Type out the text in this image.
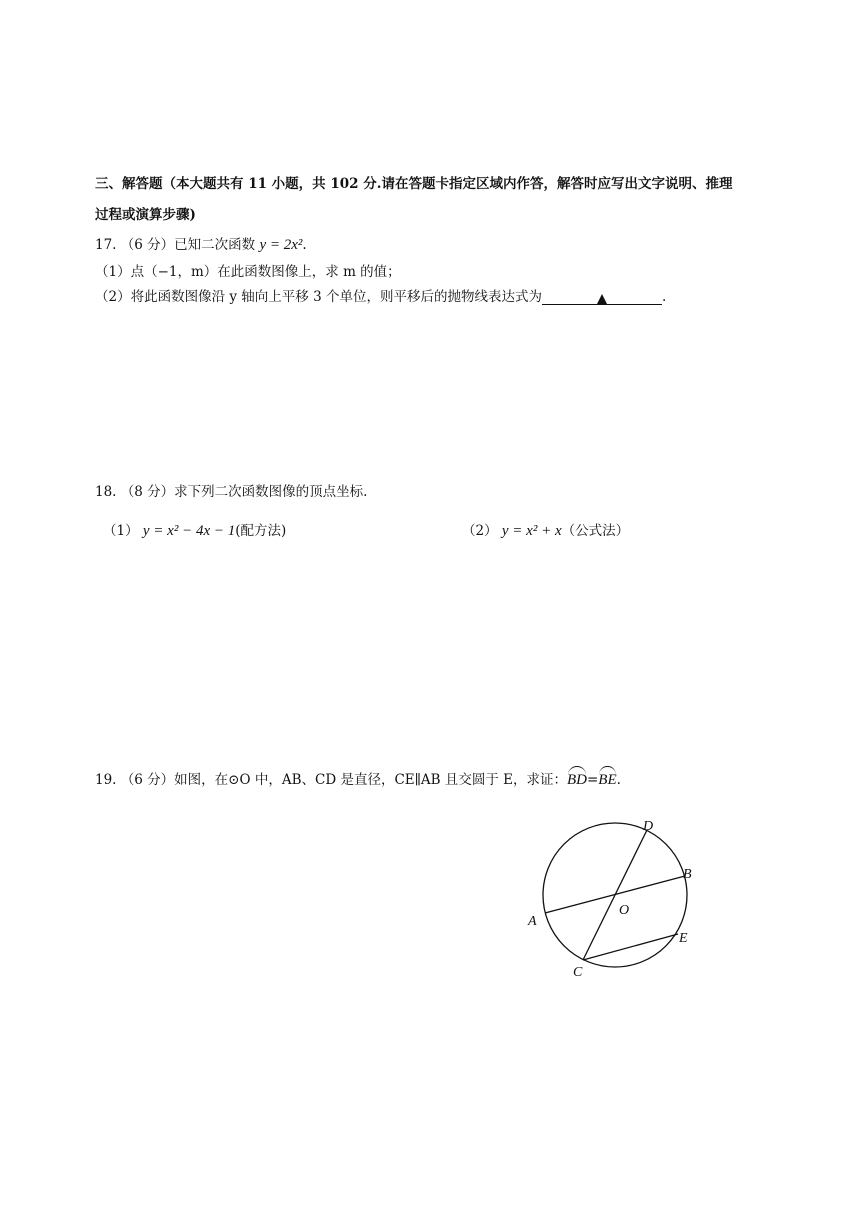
三、解答题（本大题共有 11 小题，共 102 分.请在答题卡指定区域内作答，解答时应写出文字说明、推理
过程或演算步骤)
17. （6 分）已知二次函数 y = 2x².
（1）点（−1，m）在此函数图像上，求 m 的值；
（2）将此函数图像沿 y 轴向上平移 3 个单位，则平移后的抛物线表达式为	.
18. （8 分）求下列二次函数图像的顶点坐标.
（1） y = x² − 4x − 1(配方法)	（2） y = x² + x（公式法）
19. （6 分）如图，在⊙O 中，AB、CD 是直径，CE∥AB 且交圆于 E，求证：BD=BE.
D
B
A
O
E
C
